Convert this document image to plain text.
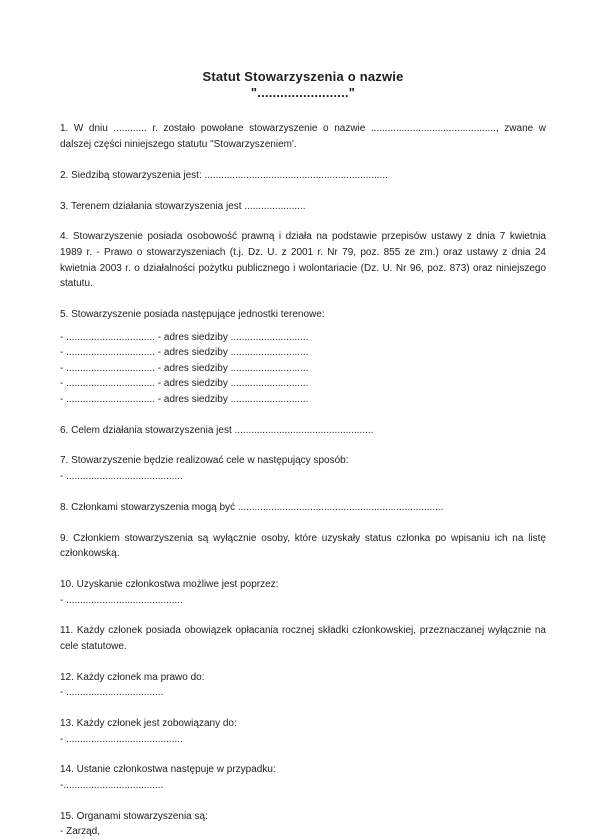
Statut Stowarzyszenia o nazwie
"........................"
1. W dniu ............ r. zostało powołane stowarzyszenie o nazwie ............................................., zwane w dalszej części niniejszego statutu "Stowarzyszeniem'.
2. Siedzibą stowarzyszenia jest: ..................................................................
3. Terenem działania stowarzyszenia jest ......................
4. Stowarzyszenie posiada osobowość prawną i działa na podstawie przepisów ustawy z dnia 7 kwietnia 1989 r. - Prawo o stowarzyszeniach (t.j. Dz. U. z 2001 r. Nr 79, poz. 855 ze zm.) oraz ustawy z dnia 24 kwietnia 2003 r. o działalności pożytku publicznego i wolontariacie (Dz. U. Nr 96, poz. 873) oraz niniejszego statutu.
5. Stowarzyszenie posiada następujące jednostki terenowe:
- ................................ - adres siedziby ............................
- ................................ - adres siedziby ............................
- ................................ - adres siedziby ............................
- ................................ - adres siedziby ............................
- ................................ - adres siedziby ............................
6. Celem działania stowarzyszenia jest ..................................................
7. Stowarzyszenie będzie realizować cele w następujący sposób:
- ..........................................
8. Członkami stowarzyszenia mogą być ..........................................................................
9. Członkiem stowarzyszenia są wyłącznie osoby, które uzyskały status członka po wpisaniu ich na listę członkowską.
10. Uzyskanie członkostwa możliwe jest poprzez:
- ..........................................
11. Każdy członek posiada obowiązek opłacania rocznej składki członkowskiej, przeznaczanej wyłącznie na cele statutowe.
12. Każdy członek ma prawo do:
- ...................................
13. Każdy członek jest zobowiązany do:
- ..........................................
14. Ustanie członkostwa następuje w przypadku:
-....................................
15. Organami stowarzyszenia są:
- Zarząd,
